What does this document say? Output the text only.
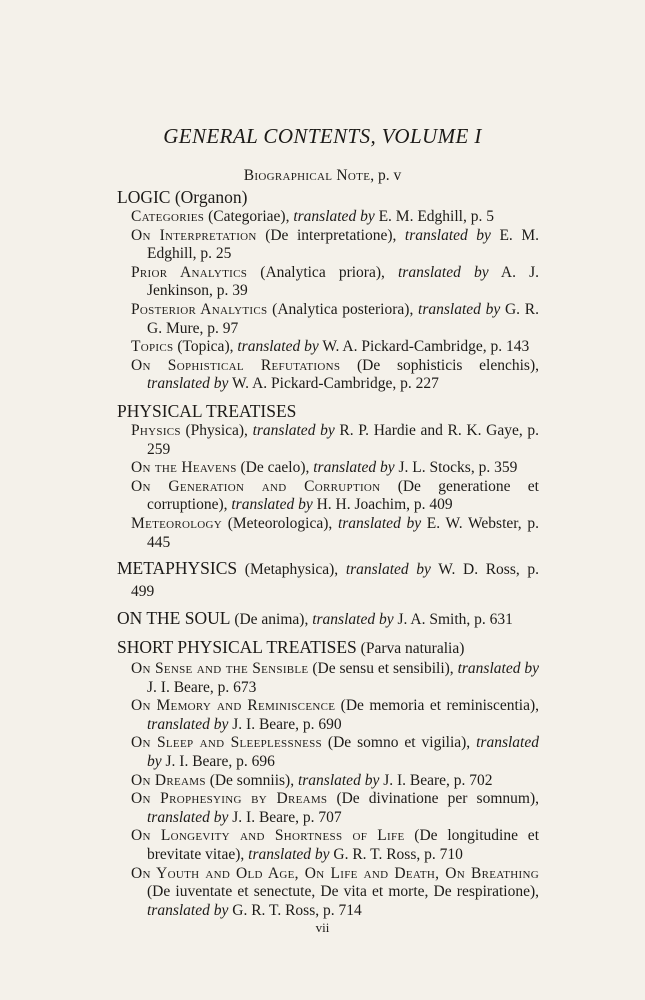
GENERAL CONTENTS, VOLUME I
Biographical Note, p. v
LOGIC (Organon)
Categories (Categoriae), translated by E. M. Edghill, p. 5
On Interpretation (De interpretatione), translated by E. M. Edghill, p. 25
Prior Analytics (Analytica priora), translated by A. J. Jenkinson, p. 39
Posterior Analytics (Analytica posteriora), translated by G. R. G. Mure, p. 97
Topics (Topica), translated by W. A. Pickard-Cambridge, p. 143
On Sophistical Refutations (De sophisticis elenchis), translated by W. A. Pickard-Cambridge, p. 227
PHYSICAL TREATISES
Physics (Physica), translated by R. P. Hardie and R. K. Gaye, p. 259
On the Heavens (De caelo), translated by J. L. Stocks, p. 359
On Generation and Corruption (De generatione et corruptione), translated by H. H. Joachim, p. 409
Meteorology (Meteorologica), translated by E. W. Webster, p. 445
METAPHYSICS (Metaphysica), translated by W. D. Ross, p. 499
ON THE SOUL (De anima), translated by J. A. Smith, p. 631
SHORT PHYSICAL TREATISES (Parva naturalia)
On Sense and the Sensible (De sensu et sensibili), translated by J. I. Beare, p. 673
On Memory and Reminiscence (De memoria et reminiscentia), translated by J. I. Beare, p. 690
On Sleep and Sleeplessness (De somno et vigilia), translated by J. I. Beare, p. 696
On Dreams (De somniis), translated by J. I. Beare, p. 702
On Prophesying by Dreams (De divinatione per somnum), translated by J. I. Beare, p. 707
On Longevity and Shortness of Life (De longitudine et brevitate vitae), translated by G. R. T. Ross, p. 710
On Youth and Old Age, On Life and Death, On Breathing (De iuventate et senectute, De vita et morte, De respiratione), translated by G. R. T. Ross, p. 714
vii
